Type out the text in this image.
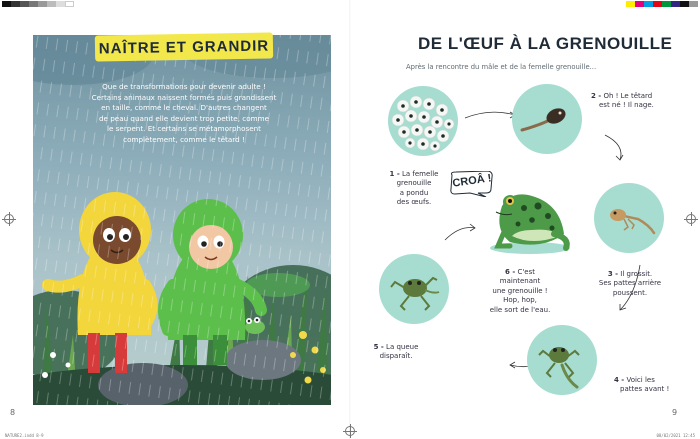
NATURE2.indd 8-9	08/02/2021 12:45
NAÎTRE ET GRANDIR
Que de transformations pour devenir adulte !
Certains animaux naissent formés puis grandissent
en taille, comme le cheval. D'autres changent
de peau quand elle devient trop petite, comme
le serpent. Et certains se métamorphosent
complètement, comme le têtard !
8
DE L'ŒUF À LA GRENOUILLE
Après la rencontre du mâle et de la femelle grenouille...
CROÂ !
1 - La femelle
grenouille
a pondu
des œufs.
2 - Oh ! Le têtard
est né ! Il nage.
3 - Il grossit.
Ses pattes arrière
poussent.
4 - Voici les
pattes avant !
5 - La queue
disparaît.
6 - C'est
maintenant
une grenouille !
Hop, hop,
elle sort de l'eau.
9
